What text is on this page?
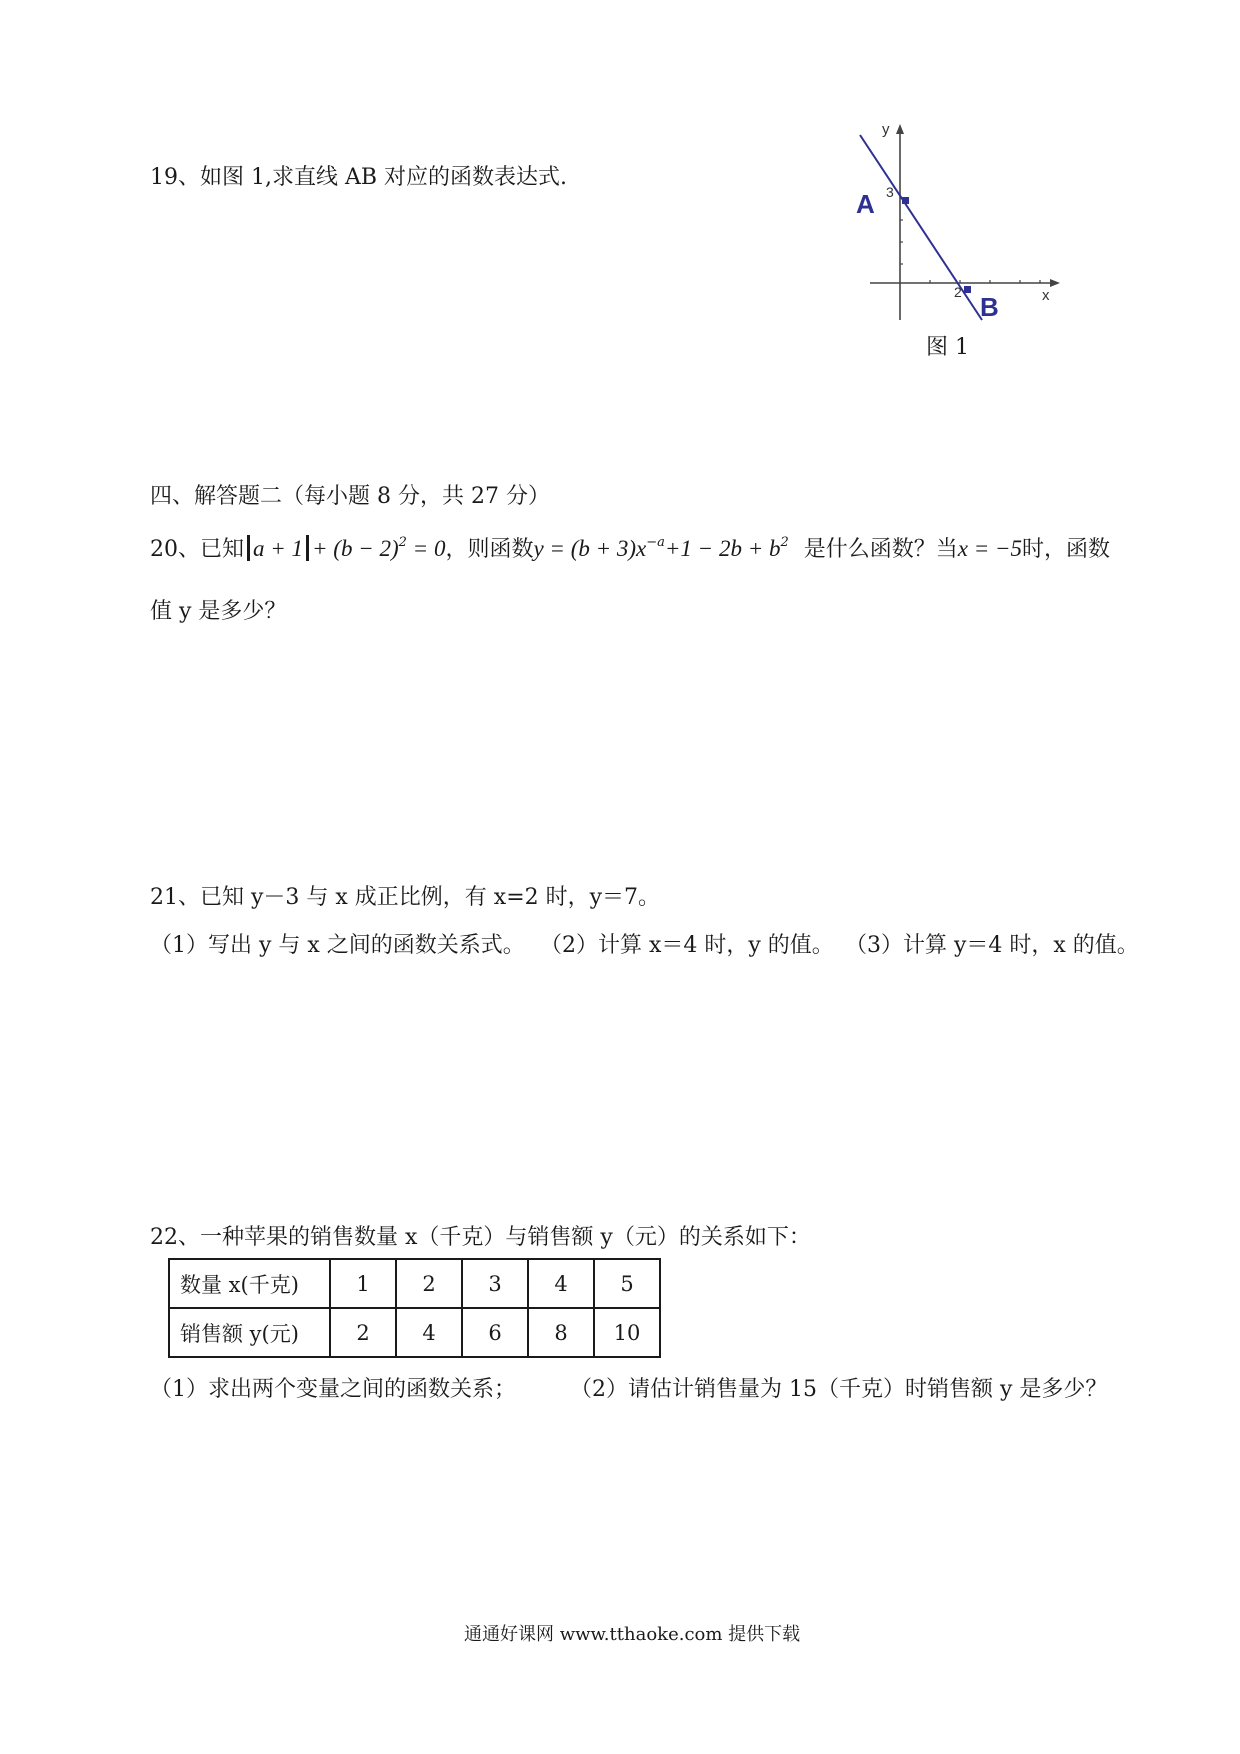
19、如图 1,求直线 AB 对应的函数表达式.
y
x
3
2
A
B
图 1
四、解答题二（每小题 8 分，共 27 分）
20、已知 $a + 1 + (b - 2)^2 = 0$，则函数$y = (b + 3)x^{-a}+1 - 2b + b^2$ 是什么函数？当x = −5时，函数
值 y 是多少？
21、已知 y－3 与 x 成正比例，有 x=2 时，y＝7。
（1）写出 y 与 x 之间的函数关系式。 （2）计算 x＝4 时，y 的值。 （3）计算 y＝4 时，x 的值。
22、一种苹果的销售数量 x（千克）与销售额 y（元）的关系如下：
数量 x(千克)	1	2	3	4	5
销售额 y(元)	2	4	6	8	10
（1）求出两个变量之间的函数关系； （2）请估计销售量为 15（千克）时销售额 y 是多少？
通通好课网 www.tthaoke.com 提供下载
